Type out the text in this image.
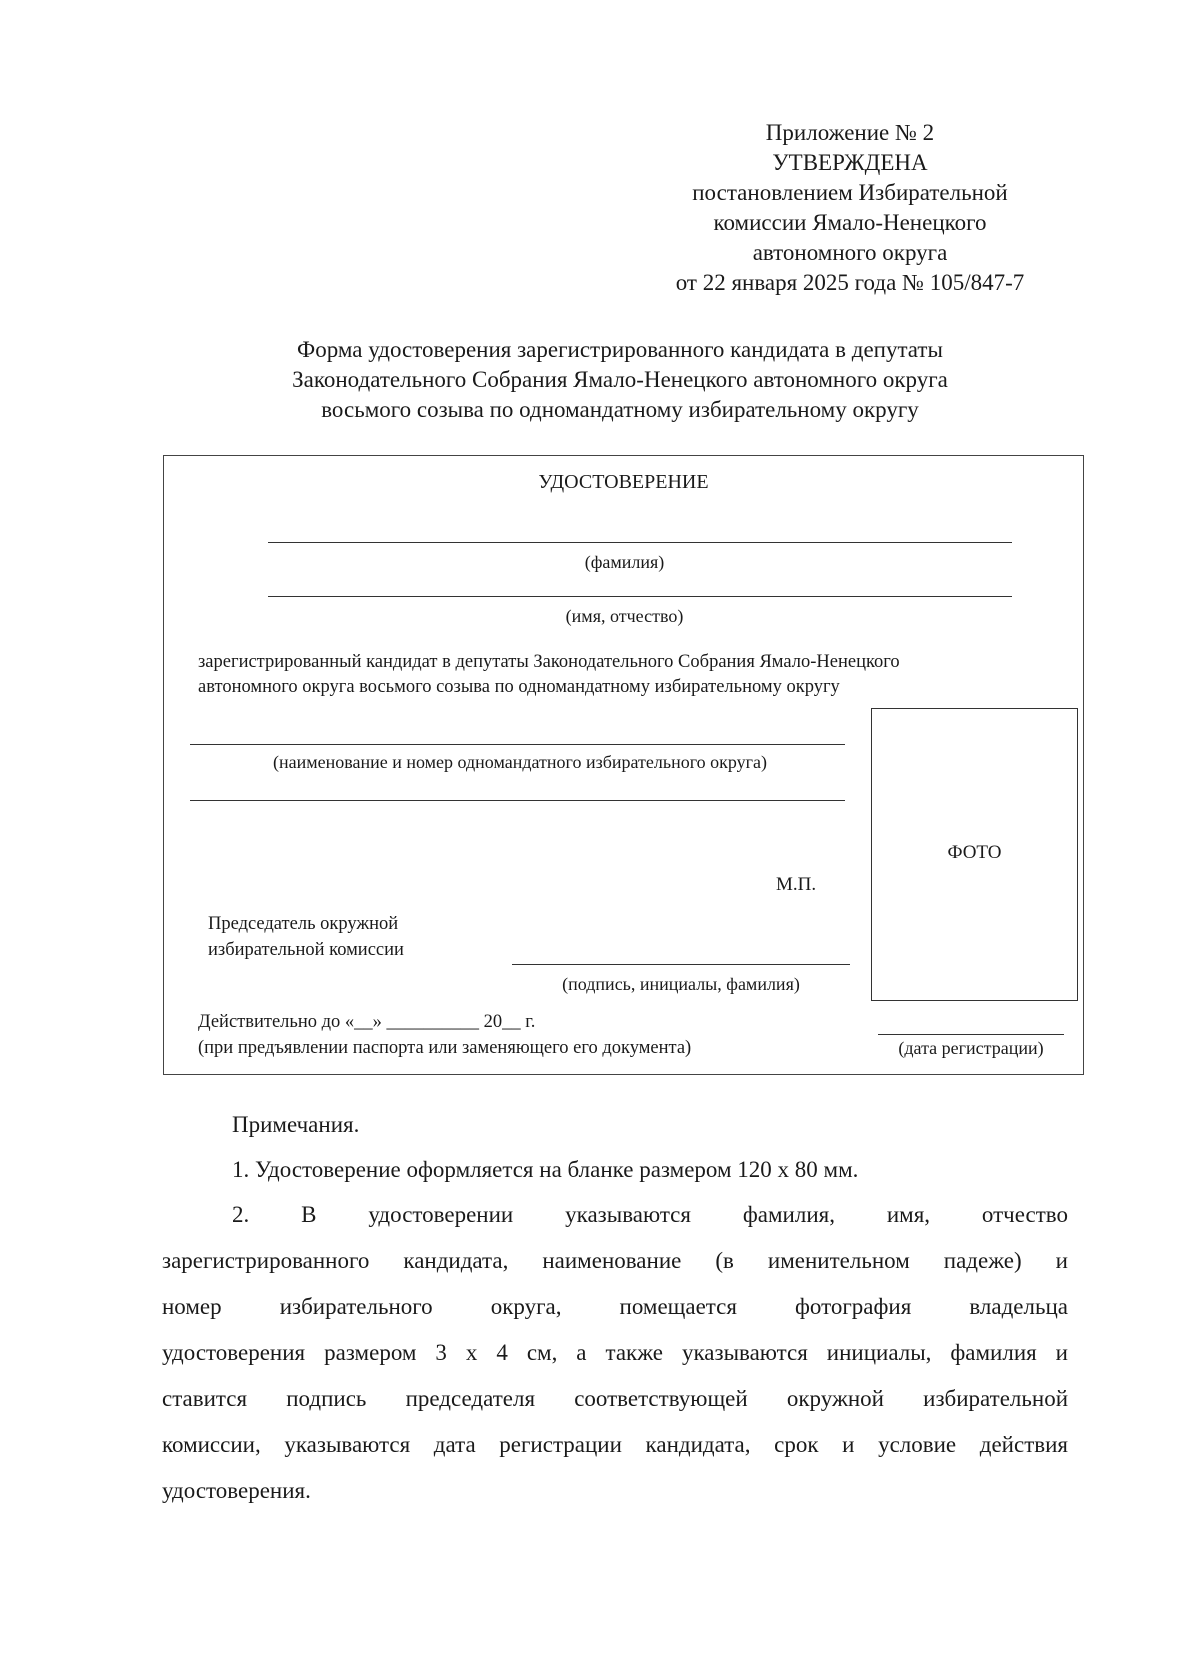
Приложение № 2
УТВЕРЖДЕНА
постановлением Избирательной
комиссии Ямало-Ненецкого
автономного округа
от 22 января 2025 года № 105/847-7
Форма удостоверения зарегистрированного кандидата в депутаты
Законодательного Собрания Ямало-Ненецкого автономного округа
восьмого созыва по одномандатному избирательному округу
УДОСТОВЕРЕНИЕ
(фамилия)
(имя, отчество)
зарегистрированный кандидат в депутаты Законодательного Собрания Ямало-Ненецкого
автономного округа восьмого созыва по одномандатному избирательному округу
(наименование и номер одномандатного избирательного округа)
ФОТО
М.П.
Председатель окружной
избирательной комиссии
(подпись, инициалы, фамилия)
Действительно до «__» __________ 20__ г.
(при предъявлении паспорта или заменяющего его документа)	(дата регистрации)
Примечания.
1. Удостоверение оформляется на бланке размером 120 х 80 мм.
2. В удостоверении указываются фамилия, имя, отчество
зарегистрированного кандидата, наименование (в именительном падеже) и
номер избирательного округа, помещается фотография владельца
удостоверения размером 3 х 4 см, а также указываются инициалы, фамилия и
ставится подпись председателя соответствующей окружной избирательной
комиссии, указываются дата регистрации кандидата, срок и условие действия
удостоверения.
